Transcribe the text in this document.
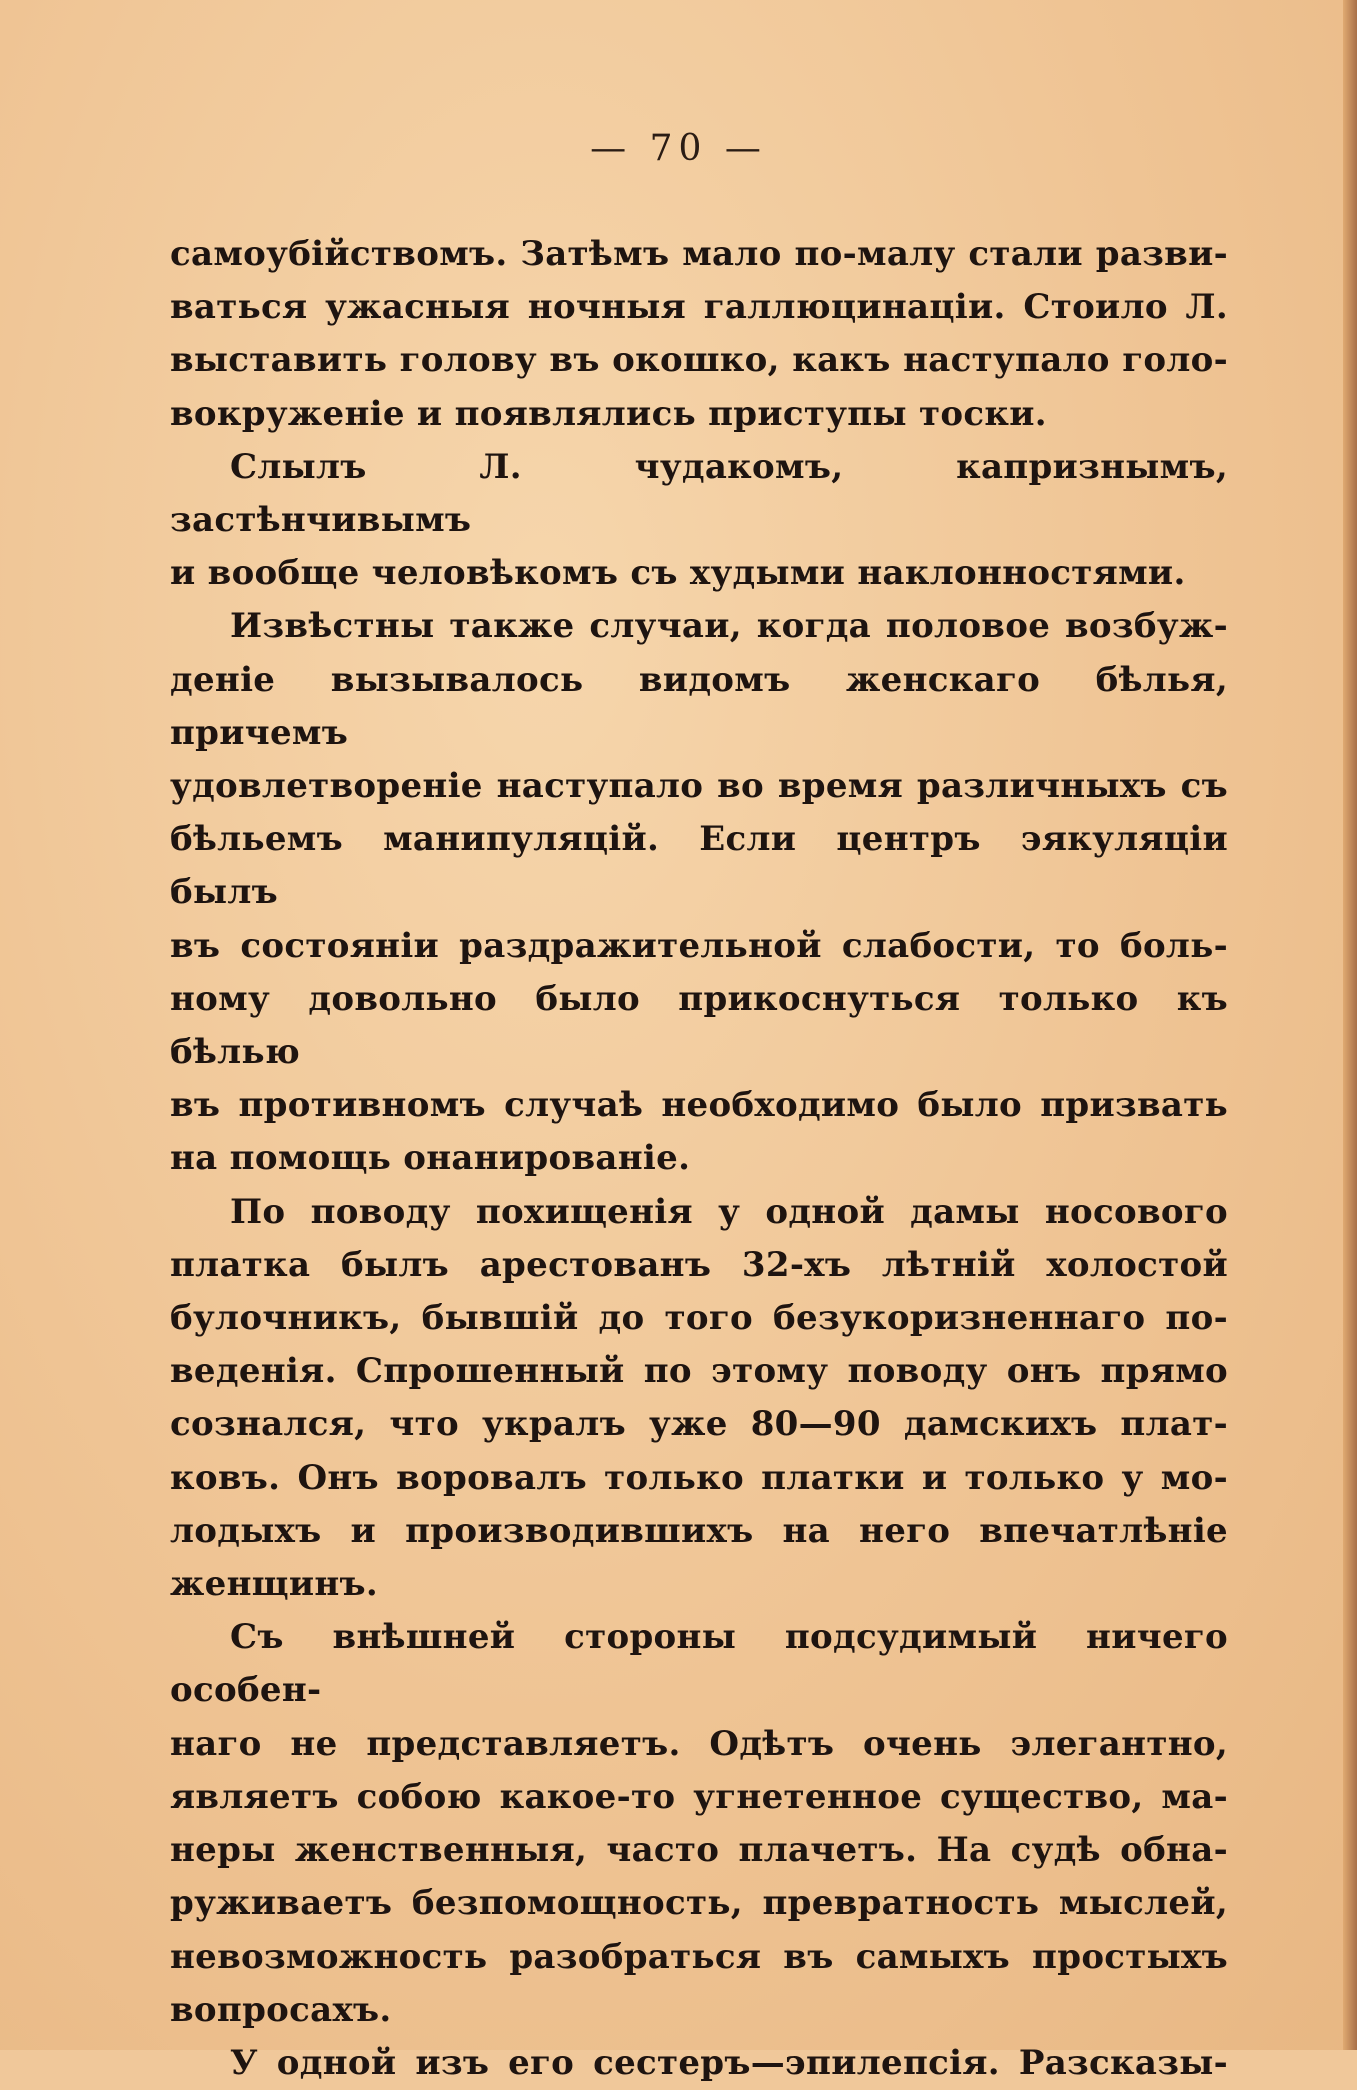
— 70 —

самоубійствомъ. Затѣмъ мало по-малу стали разви-

ваться ужасныя ночныя галлюцинаціи. Стоило Л.

выставить голову въ окошко, какъ наступало голо-

вокруженіе и появлялись приступы тоски.

Слылъ Л. чудакомъ, капризнымъ, застѣнчивымъ

и вообще человѣкомъ съ худыми наклонностями.

Извѣстны также случаи, когда половое возбуж-

деніе вызывалось видомъ женскаго бѣлья, причемъ

удовлетвореніе наступало во время различныхъ съ

бѣльемъ манипуляцій. Если центръ эякуляціи былъ

въ состояніи раздражительной слабости, то боль-

ному довольно было прикоснуться только къ бѣлью

въ противномъ случаѣ необходимо было призвать

на помощь онанированіе.

По поводу похищенія у одной дамы носового

платка былъ арестованъ 32-хъ лѣтній холостой

булочникъ, бывшій до того безукоризненнаго по-

веденія. Спрошенный по этому поводу онъ прямо

сознался, что укралъ уже 80—90 дамскихъ плат-

ковъ. Онъ воровалъ только платки и только у мо-

лодыхъ и производившихъ на него впечатлѣніе

женщинъ.

Съ внѣшней стороны подсудимый ничего особен-

наго не представляетъ. Одѣтъ очень элегантно,

являетъ собою какое-то угнетенное существо, ма-

неры женственныя, часто плачетъ. На судѣ обна-

руживаетъ безпомощность, превратность мыслей,

невозможность разобраться въ самыхъ простыхъ

вопросахъ.

У одной изъ его сестеръ—эпилепсія. Разсказы-
